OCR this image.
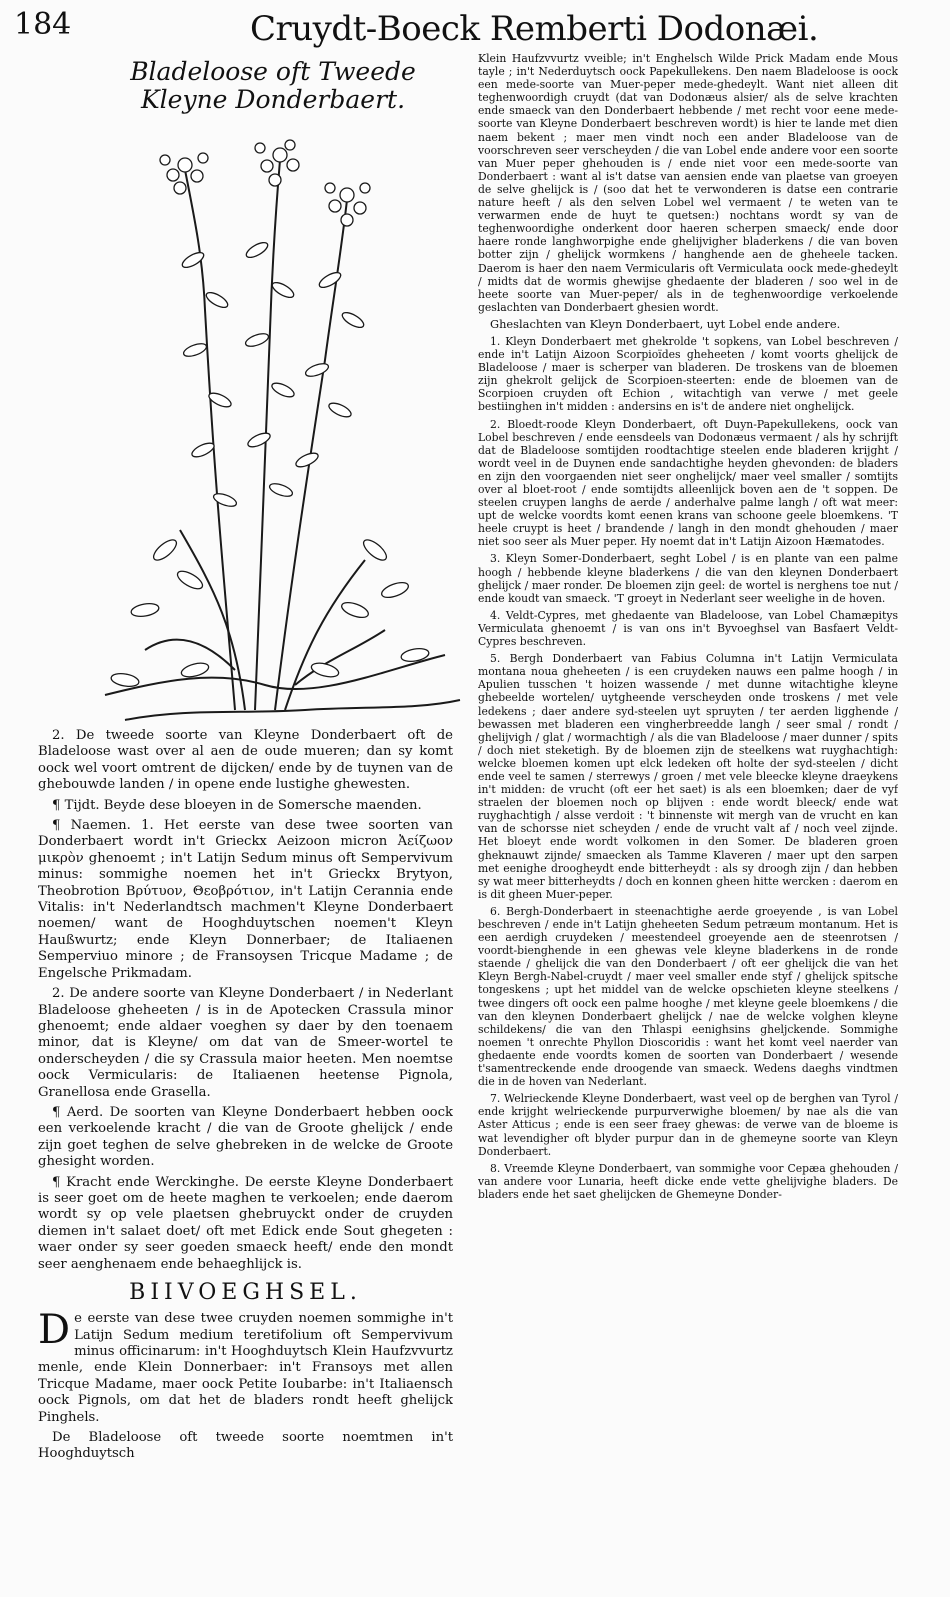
184	Cruydt-Boeck Remberti Dodonæi.
Bladeloose oft Tweede Kleyne Donderbaert.

2. De tweede soorte van Kleyne Donderbaert oft de Bladeloose wast over al aen de oude mueren; dan sy komt oock wel voort omtrent de dijcken/ ende by de tuynen van de ghebouwde landen / in opene ende lustighe ghewesten.

¶ Tijdt. Beyde dese bloeyen in de Somersche maenden.

¶ Naemen. 1. Het eerste van dese twee soorten van Donderbaert wordt in't Grieckx Aeizoon micron Ἀείζωον μικρὸν ghenoemt ; in't Latijn Sedum minus oft Sempervivum minus: sommighe noemen het in't Grieckx Brytyon, Theobrotion Βρύτυον, Θεοβρότιον, in't Latijn Cerannia ende Vitalis: in't Nederlandtsch machmen't Kleyne Donderbaert noemen/ want de Hooghduytschen noemen't Kleyn Haußwurtz; ende Kleyn Donnerbaer; de Italiaenen Semperviuo minore ; de Fransoysen Tricque Madame ; de Engelsche Prikmadam.

2. De andere soorte van Kleyne Donderbaert / in Nederlant Bladeloose gheheeten / is in de Apotecken Crassula minor ghenoemt; ende aldaer voeghen sy daer by den toenaem minor, dat is Kleyne/ om dat van de Smeer-wortel te onderscheyden / die sy Crassula maior heeten. Men noemtse oock Vermicularis: de Italiaenen heetense Pignola, Granellosa ende Grasella.

¶ Aerd. De soorten van Kleyne Donderbaert hebben oock een verkoelende kracht / die van de Groote ghelijck / ende zijn goet teghen de selve ghebreken in de welcke de Groote ghesight worden.

¶ Kracht ende Werckinghe. De eerste Kleyne Donderbaert is seer goet om de heete maghen te verkoelen; ende daerom wordt sy op vele plaetsen ghebruyckt onder de cruyden diemen in't salaet doet/ oft met Edick ende Sout ghegeten : waer onder sy seer goeden smaeck heeft/ ende den mondt seer aenghenaem ende behaeghlijck is.

BIIVOEGHSEL.

De eerste van dese twee cruyden noemen sommighe in't Latijn Sedum medium teretifolium oft Sempervivum minus officinarum: in't Hooghduytsch Klein Haufzvvurtz menle, ende Klein Donnerbaer: in't Fransoys met allen Tricque Madame, maer oock Petite Ioubarbe: in't Italiaensch oock Pignols, om dat het de bladers rondt heeft ghelijck Pinghels.

De Bladeloose oft tweede soorte noemtmen in't Hooghduytsch

Klein Haufzvvurtz vveible; in't Enghelsch Wilde Prick Madam ende Mous tayle ; in't Nederduytsch oock Papekullekens. Den naem Bladeloose is oock een mede-soorte van Muer-peper mede-ghedeylt. Want niet alleen dit teghenwoordigh cruydt (dat van Dodonæus alsier/ als de selve krachten ende smaeck van den Donderbaert hebbende / met recht voor eene mede-soorte van Kleyne Donderbaert beschreven wordt) is hier te lande met dien naem bekent ; maer men vindt noch een ander Bladeloose van de voorschreven seer verscheyden / die van Lobel ende andere voor een soorte van Muer peper ghehouden is / ende niet voor een mede-soorte van Donderbaert : want al is't datse van aensien ende van plaetse van groeyen de selve ghelijck is / (soo dat het te verwonderen is datse een contrarie nature heeft / als den selven Lobel wel vermaent / te weten van te verwarmen ende de huyt te quetsen:) nochtans wordt sy van de teghenwoordighe onderkent door haeren scherpen smaeck/ ende door haere ronde langhworpighe ende ghelijvigher bladerkens / die van boven botter zijn / ghelijck wormkens / hanghende aen de gheheele tacken. Daerom is haer den naem Vermicularis oft Vermiculata oock mede-ghedeylt / midts dat de wormis ghewijse ghedaente der bladeren / soo wel in de heete soorte van Muer-peper/ als in de teghenwoordige verkoelende geslachten van Donderbaert ghesien wordt.

Gheslachten van Kleyn Donderbaert, uyt Lobel ende andere.

1. Kleyn Donderbaert met ghekrolde 't sopkens, van Lobel beschreven / ende in't Latijn Aizoon Scorpioïdes gheheeten / komt voorts ghelijck de Bladeloose / maer is scherper van bladeren. De troskens van de bloemen zijn ghekrolt gelijck de Scorpioen-steerten: ende de bloemen van de Scorpioen cruyden oft Echion , witachtigh van verwe / met geele bestiinghen in't midden : andersins en is't de andere niet onghelijck.

2. Bloedt-roode Kleyn Donderbaert, oft Duyn-Papekullekens, oock van Lobel beschreven / ende eensdeels van Dodonæus vermaent / als hy schrijft dat de Bladeloose somtijden roodtachtige steelen ende bladeren krijght / wordt veel in de Duynen ende sandachtighe heyden ghevonden: de bladers en zijn den voorgaenden niet seer onghelijck/ maer veel smaller / somtijts over al bloet-root / ende somtijdts alleenlijck boven aen de 't soppen. De steelen cruypen langhs de aerde / anderhalve palme langh / oft wat meer: upt de welcke voordts komt eenen krans van schoone geele bloemkens. 'T heele cruypt is heet / brandende / langh in den mondt ghehouden / maer niet soo seer als Muer peper. Hy noemt dat in't Latijn Aizoon Hæmatodes.

3. Kleyn Somer-Donderbaert, seght Lobel / is en plante van een palme hoogh / hebbende kleyne bladerkens / die van den kleynen Donderbaert ghelijck / maer ronder. De bloemen zijn geel: de wortel is nerghens toe nut / ende koudt van smaeck. 'T groeyt in Nederlant seer weelighe in de hoven.

4. Veldt-Cypres, met ghedaente van Bladeloose, van Lobel Chamæpitys Vermiculata ghenoemt / is van ons in't Byvoeghsel van Basfaert Veldt-Cypres beschreven.

5. Bergh Donderbaert van Fabius Columna in't Latijn Vermiculata montana noua gheheeten / is een cruydeken nauws een palme hoogh / in Apulien tusschen 't hoizen wassende / met dunne witachtighe kleyne ghebeelde wortelen/ uytgheende verscheyden onde troskens / met vele ledekens ; daer andere syd-steelen uyt spruyten / ter aerden ligghende / bewassen met bladeren een vingherbreedde langh / seer smal / rondt / ghelijvigh / glat / wormachtigh / als die van Bladeloose / maer dunner / spits / doch niet steketigh. By de bloemen zijn de steelkens wat ruyghachtigh: welcke bloemen komen upt elck ledeken oft holte der syd-steelen / dicht ende veel te samen / sterrewys / groen / met vele bleecke kleyne draeykens in't midden: de vrucht (oft eer het saet) is als een bloemken; daer de vyf straelen der bloemen noch op blijven : ende wordt bleeck/ ende wat ruyghachtigh / alsse verdoit : 't binnenste wit mergh van de vrucht en kan van de schorsse niet scheyden / ende de vrucht valt af / noch veel zijnde. Het bloeyt ende wordt volkomen in den Somer. De bladeren groen gheknauwt zijnde/ smaecken als Tamme Klaveren / maer upt den sarpen met eenighe droogheydt ende bitterheydt : als sy droogh zijn / dan hebben sy wat meer bitterheydts / doch en konnen gheen hitte wercken : daerom en is dit gheen Muer-peper.

6. Bergh-Donderbaert in steenachtighe aerde groeyende , is van Lobel beschreven / ende in't Latijn gheheeten Sedum petræum montanum. Het is een aerdigh cruydeken / meestendeel groeyende aen de steenrotsen / voordt-bienghende in een ghewas vele kleyne bladerkens in de ronde staende / ghelijck die van den Donderbaert / oft eer ghelijck die van het Kleyn Bergh-Nabel-cruydt / maer veel smaller ende styf / ghelijck spitsche tongeskens ; upt het middel van de welcke opschieten kleyne steelkens / twee dingers oft oock een palme hooghe / met kleyne geele bloemkens / die van den kleynen Donderbaert ghelijck / nae de welcke volghen kleyne schildekens/ die van den Thlaspi eenighsins gheljckende. Sommighe noemen 't onrechte Phyllon Dioscoridis : want het komt veel naerder van ghedaente ende voordts komen de soorten van Donderbaert / wesende t'samentreckende ende droogende van smaeck. Wedens daeghs vindtmen die in de hoven van Nederlant.

7. Welrieckende Kleyne Donderbaert, wast veel op de berghen van Tyrol / ende krijght welrieckende purpurverwighe bloemen/ by nae als die van Aster Atticus ; ende is een seer fraey ghewas: de verwe van de bloeme is wat levendigher oft blyder purpur dan in de ghemeyne soorte van Kleyn Donderbaert.

8. Vreemde Kleyne Donderbaert, van sommighe voor Cepæa ghehouden / van andere voor Lunaria, heeft dicke ende vette ghelijvighe bladers. De bladers ende het saet ghelijcken de Ghemeyne Donder-
